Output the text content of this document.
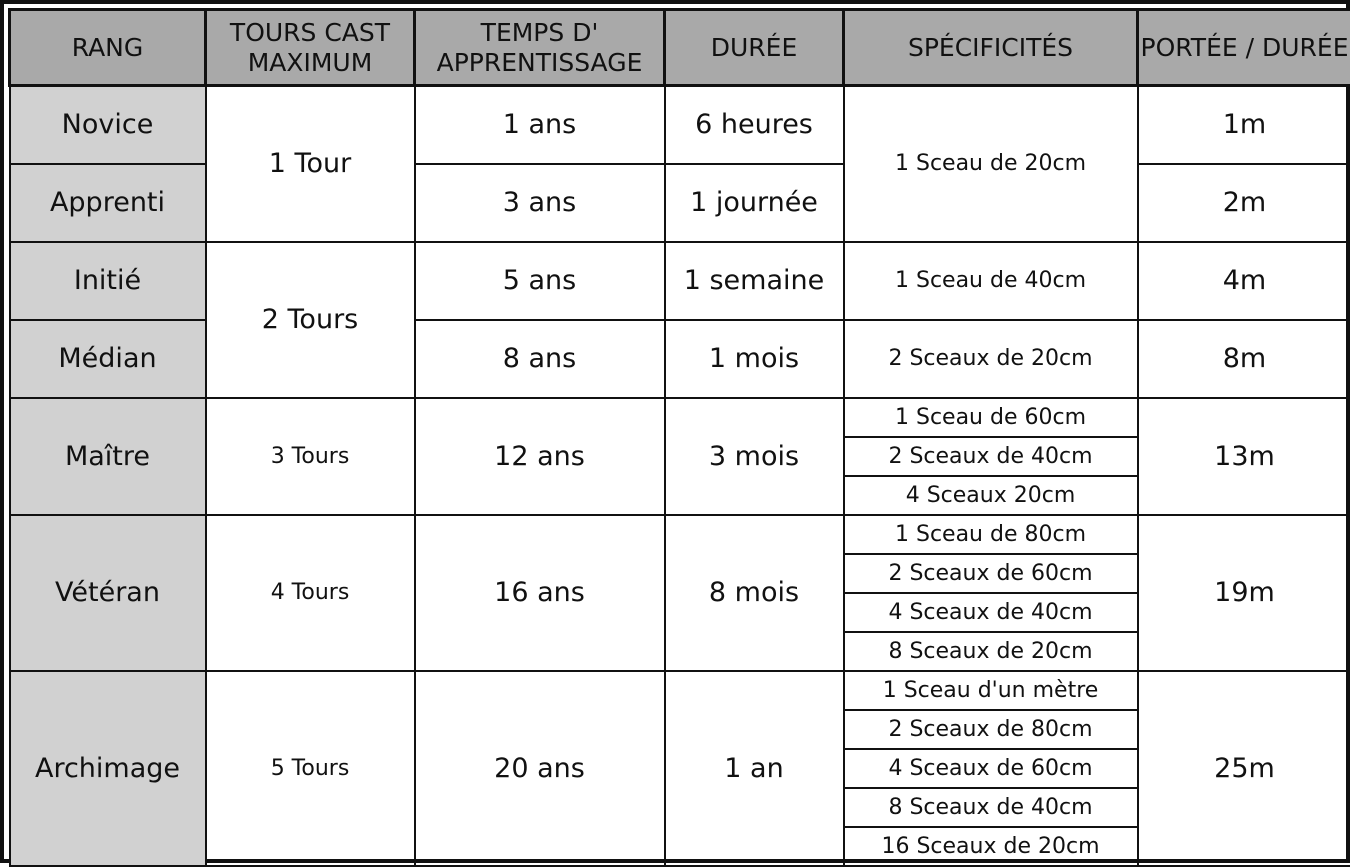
RANG	TOURS CAST MAXIMUM	TEMPS D' APPRENTISSAGE	DURÉE	SPÉCIFICITÉS	PORTÉE / DURÉE
Novice	1 Tour	1 ans	6 heures	1 Sceau de 20cm	1m
Apprenti		3 ans	1 journée		2m
Initié	2 Tours	5 ans	1 semaine	1 Sceau de 40cm	4m
Médian		8 ans	1 mois	2 Sceaux de 20cm	8m
Maître	3 Tours	12 ans	3 mois	1 Sceau de 60cm	13m
				2 Sceaux de 40cm	
				4 Sceaux 20cm	
Vétéran	4 Tours	16 ans	8 mois	1 Sceau de 80cm	19m
				2 Sceaux de 60cm	
				4 Sceaux de 40cm	
				8 Sceaux de 20cm	
Archimage	5 Tours	20 ans	1 an	1 Sceau d'un mètre	25m
				2 Sceaux de 80cm	
				4 Sceaux de 60cm	
				8 Sceaux de 40cm	
				16 Sceaux de 20cm	
